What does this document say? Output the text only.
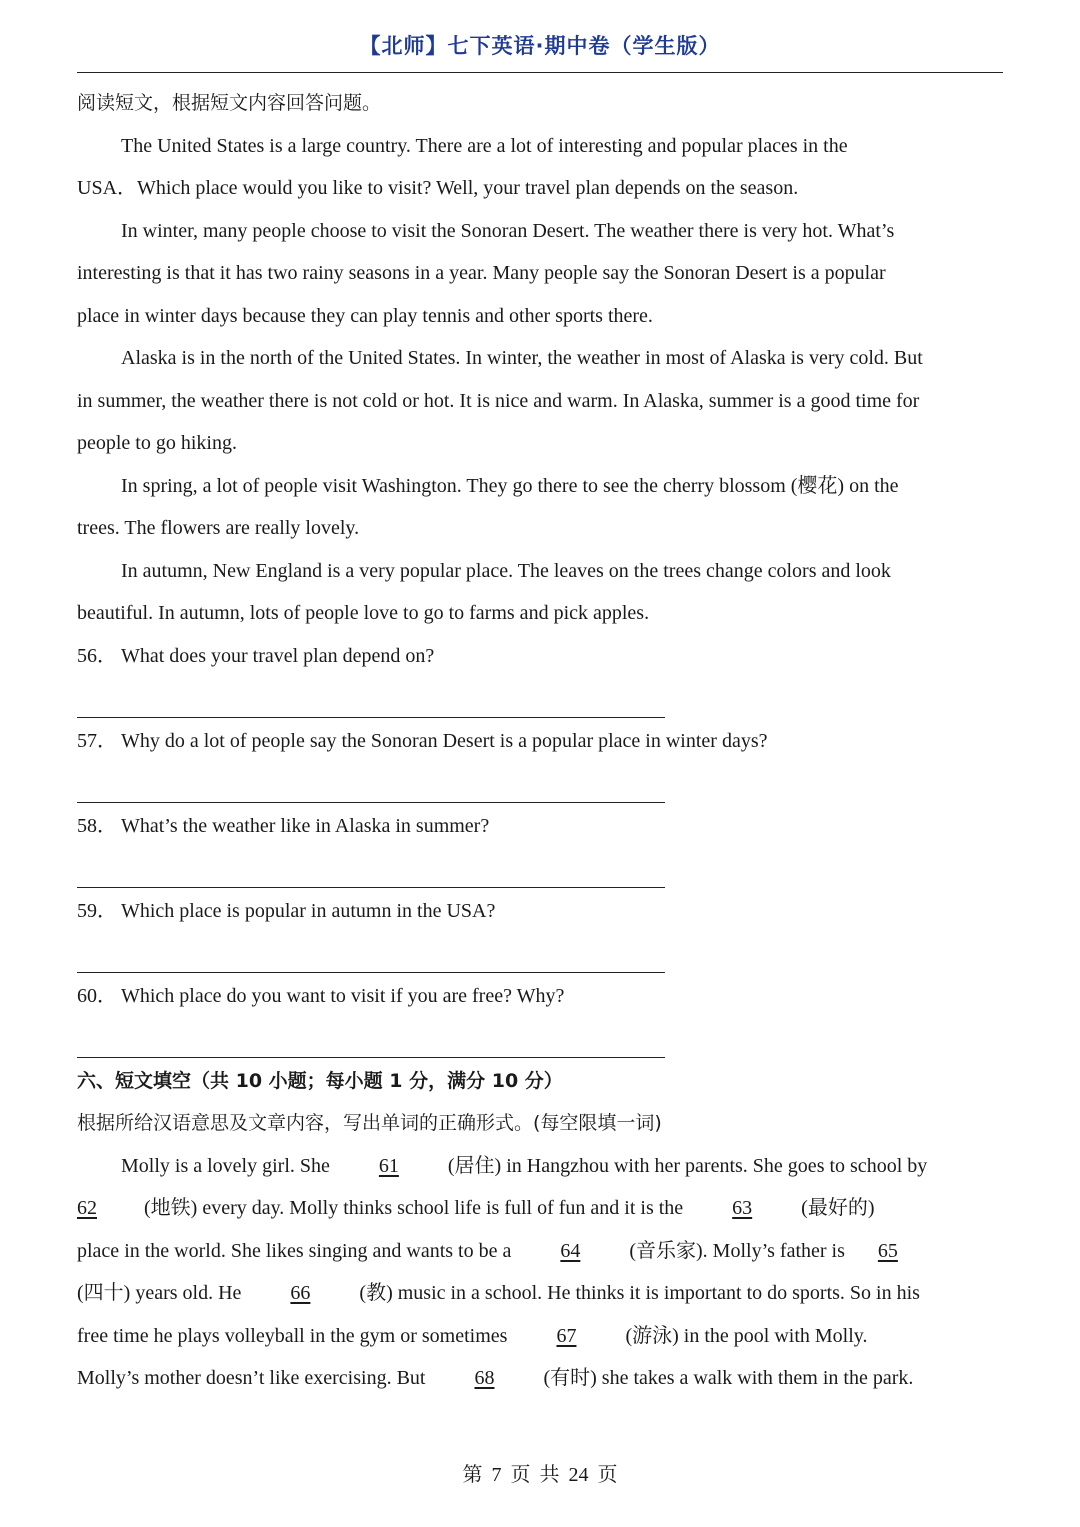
【北师】七下英语·期中卷（学生版）
阅读短文，根据短文内容回答问题。
The United States is a large country. There are a lot of interesting and popular places in the
USA．Which place would you like to visit? Well, your travel plan depends on the season.
In winter, many people choose to visit the Sonoran Desert. The weather there is very hot. What’s
interesting is that it has two rainy seasons in a year. Many people say the Sonoran Desert is a popular
place in winter days because they can play tennis and other sports there.
Alaska is in the north of the United States. In winter, the weather in most of Alaska is very cold. But
in summer, the weather there is not cold or hot. It is nice and warm. In Alaska, summer is a good time for
people to go hiking.
In spring, a lot of people visit Washington. They go there to see the cherry blossom (樱花) on the
trees. The flowers are really lovely.
In autumn, New England is a very popular place. The leaves on the trees change colors and look
beautiful. In autumn, lots of people love to go to farms and pick apples.
56． What does your travel plan depend on?
57． Why do a lot of people say the Sonoran Desert is a popular place in winter days?
58． What’s the weather like in Alaska in summer?
59． Which place is popular in autumn in the USA?
60． Which place do you want to visit if you are free? Why?
六、短文填空（共 10 小题；每小题 1 分，满分 10 分）
根据所给汉语意思及文章内容，写出单词的正确形式。(每空限填一词)
Molly is a lovely girl. She 61 (居住) in Hangzhou with her parents. She goes to school by
62 (地铁) every day. Molly thinks school life is full of fun and it is the 63 (最好的)
place in the world. She likes singing and wants to be a 64 (音乐家). Molly’s father is 65
(四十) years old. He 66 (教) music in a school. He thinks it is important to do sports. So in his
free time he plays volleyball in the gym or sometimes 67 (游泳) in the pool with Molly.
Molly’s mother doesn’t like exercising. But 68 (有时) she takes a walk with them in the park.
第 7 页 共 24 页
